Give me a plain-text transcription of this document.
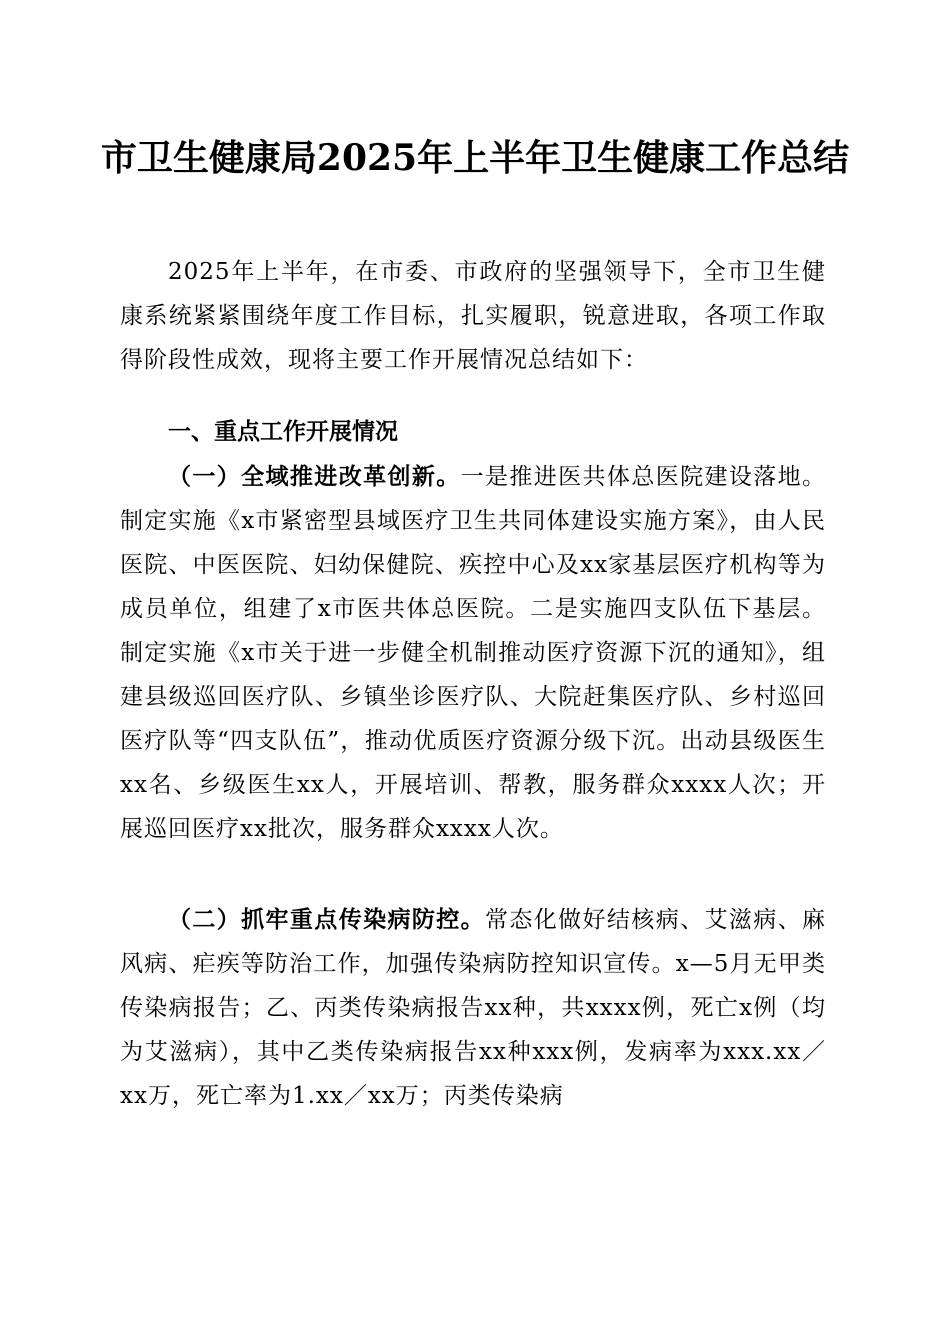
市卫生健康局2025年上半年卫生健康工作总结

2025年上半年，在市委、市政府的坚强领导下，全市卫生健康系统紧紧围绕年度工作目标，扎实履职，锐意进取，各项工作取得阶段性成效，现将主要工作开展情况总结如下：

一、重点工作开展情况

（一）全域推进改革创新。一是推进医共体总医院建设落地。制定实施《x市紧密型县域医疗卫生共同体建设实施方案》，由人民医院、中医医院、妇幼保健院、疾控中心及xx家基层医疗机构等为成员单位，组建了x市医共体总医院。二是实施四支队伍下基层。制定实施《x市关于进一步健全机制推动医疗资源下沉的通知》，组建县级巡回医疗队、乡镇坐诊医疗队、大院赶集医疗队、乡村巡回医疗队等“四支队伍”，推动优质医疗资源分级下沉。出动县级医生xx名、乡级医生xx人，开展培训、帮教，服务群众xxxx人次；开展巡回医疗xx批次，服务群众xxxx人次。

（二）抓牢重点传染病防控。常态化做好结核病、艾滋病、麻风病、疟疾等防治工作，加强传染病防控知识宣传。x—5月无甲类传染病报告；乙、丙类传染病报告xx种，共xxxx例，死亡x例（均为艾滋病），其中乙类传染病报告xx种xxx例，发病率为xxx.xx／xx万，死亡率为1.xx／xx万；丙类传染病
